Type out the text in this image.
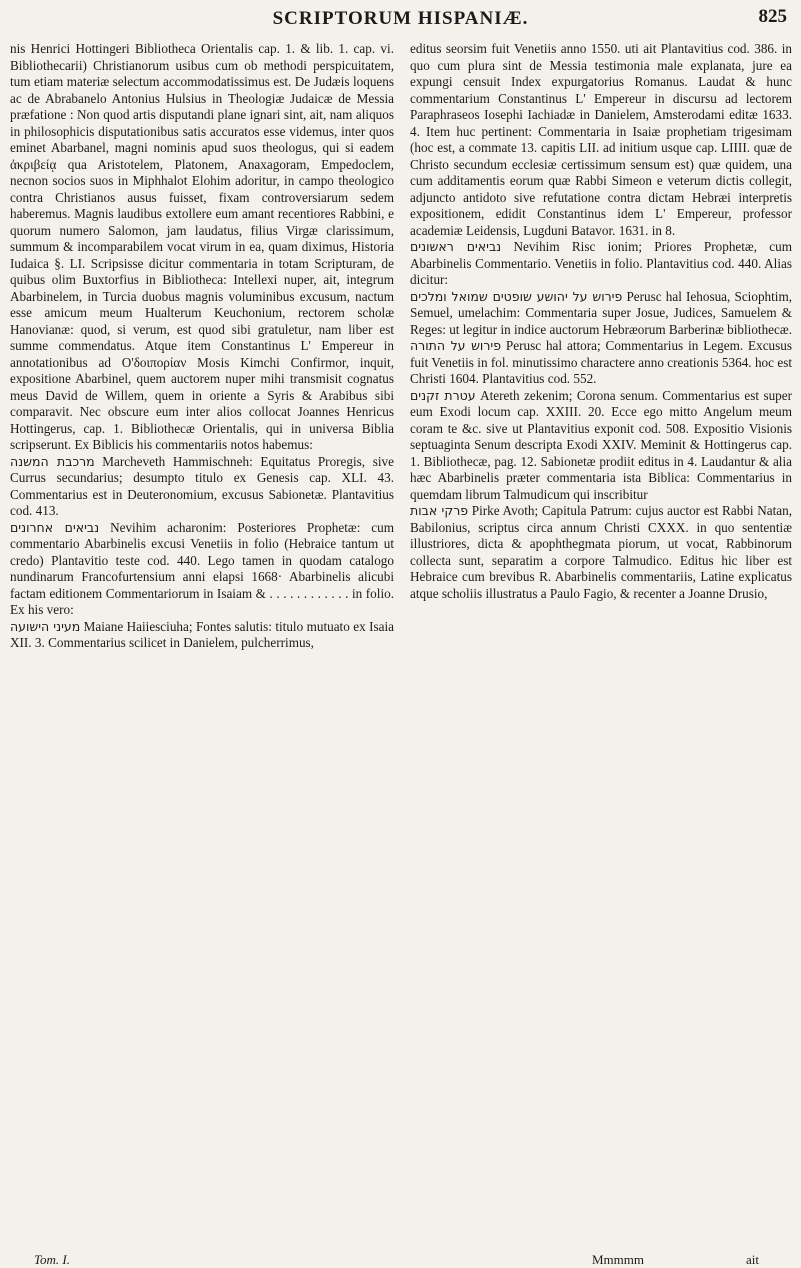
SCRIPTORUM HISPANIÆ.	825

nis Henrici Hottingeri Bibliotheca Orientalis cap. 1. & lib. 1. cap. vi. Bibliothecarii) Christianorum usibus cum ob methodi perspicuitatem, tum etiam materiæ selectum accommodatissimus est. De Judæis loquens ac de Abrabanelo Antonius Hulsius in Theologiæ Judaicæ de Messia præfatione : Non quod artis disputandi plane ignari sint, ait, nam aliquos in philosophicis disputationibus satis accuratos esse videmus, inter quos eminet Abarbanel, magni nominis apud suos theologus, qui si eadem ἀκριβείᾳ qua Aristotelem, Platonem, Anaxagoram, Empedoclem, necnon socios suos in Miphhalot Elohim adoritur, in campo theologico contra Christianos ausus fuisset, fixam controversiarum sedem haberemus. Magnis laudibus extollere eum amant recentiores Rabbini, e quorum numero Salomon, jam laudatus, filius Virgæ clarissimum, summum & incomparabilem vocat virum in ea, quam diximus, Historia Iudaica §. LI. Scripsisse dicitur commentaria in totam Scripturam, de quibus olim Buxtorfius in Bibliotheca: Intellexi nuper, ait, integrum Abarbinelem, in Turcia duobus magnis voluminibus excusum, nactum esse amicum meum Hualterum Keuchonium, rectorem scholæ Hanovianæ: quod, si verum, est quod sibi gratuletur, nam liber est summe commendatus. Atque item Constantinus L' Empereur in annotationibus ad O'δοιπορίαν Mosis Kimchi Confirmor, inquit, expositione Abarbinel, quem auctorem nuper mihi transmisit cognatus meus David de Willem, quem in oriente a Syris & Arabibus sibi comparavit. Nec obscure eum inter alios collocat Joannes Henricus Hottingerus, cap. 1. Bibliothecæ Orientalis, qui in universa Biblia scripserunt. Ex Biblicis his commentariis notos habemus:

מרכבת המשנה Marcheveth Hammischneh: Equitatus Proregis, sive Currus secundarius; desumpto titulo ex Genesis cap. XLI. 43. Commentarius est in Deuteronomium, excusus Sabionetæ. Plantavitius cod. 413.

נביאים אחרונים Nevihim acharonim: Posteriores Prophetæ: cum commentario Abarbinelis excusi Venetiis in folio (Hebraice tantum ut credo) Plantavitio teste cod. 440. Lego tamen in quodam catalogo nundinarum Francofurtensium anni elapsi 1668· Abarbinelis alicubi factam editionem Commentariorum in Isaiam & . . . . . . . . . . . . in folio. Ex his vero:

מעיני הישועה Maiane Haiiesciuha; Fontes salutis: titulo mutuato ex Isaia XII. 3. Commentarius scilicet in Danielem, pulcherrimus,

editus seorsim fuit Venetiis anno 1550. uti ait Plantavitius cod. 386. in quo cum plura sint de Messia testimonia male explanata, jure ea expungi censuit Index expurgatorius Romanus. Laudat & hunc commentarium Constantinus L' Empereur in discursu ad lectorem Paraphraseos Iosephi Iachiadæ in Danielem, Amsterodami editæ 1633. 4. Item huc pertinent: Commentaria in Isaiæ prophetiam trigesimam (hoc est, a commate 13. capitis LII. ad initium usque cap. LIIII. quæ de Christo secundum ecclesiæ certissimum sensum est) quæ quidem, una cum additamentis eorum quæ Rabbi Simeon e veterum dictis collegit, adjuncto antidoto sive refutatione contra dictam Hebræi interpretis expositionem, edidit Constantinus idem L' Empereur, professor academiæ Leidensis, Lugduni Batavor. 1631. in 8.

נביאים ראשונים Nevihim Risc ionim; Priores Prophetæ, cum Abarbinelis Commentario. Venetiis in folio. Plantavitius cod. 440. Alias dicitur:

פירוש על יהושע שופטים שמואל ומלכים Perusc hal Iehosua, Sciophtim, Semuel, umelachim: Commentaria super Josue, Judices, Samuelem & Reges: ut legitur in indice auctorum Hebræorum Barberinæ bibliothecæ.

פירוש על התורה Perusc hal attora; Commentarius in Legem. Excusus fuit Venetiis in fol. minutissimo charactere anno creationis 5364. hoc est Christi 1604. Plantavitius cod. 552.

עטרת זקנים Atereth zekenim; Corona senum. Commentarius est super eum Exodi locum cap. XXIII. 20. Ecce ego mitto Angelum meum coram te &c. sive ut Plantavitius exponit cod. 508. Expositio Visionis septuaginta Senum descripta Exodi XXIV. Meminit & Hottingerus cap. 1. Bibliothecæ, pag. 12. Sabionetæ prodiit editus in 4. Laudantur & alia hæc Abarbinelis præter commentaria ista Biblica: Commentarius in quemdam librum Talmudicum qui inscribitur

פרקי אבות Pirke Avoth; Capitula Patrum: cujus auctor est Rabbi Natan, Babilonius, scriptus circa annum Christi CXXX. in quo sententiæ illustriores, dicta & apophthegmata piorum, ut vocat, Rabbinorum collecta sunt, separatim a corpore Talmudico. Editus hic liber est Hebraice cum brevibus R. Abarbinelis commentariis, Latine explicatus atque scholiis illustratus a Paulo Fagio, & recenter a Joanne Drusio,

Tom. I.	Mmmmm	ait
